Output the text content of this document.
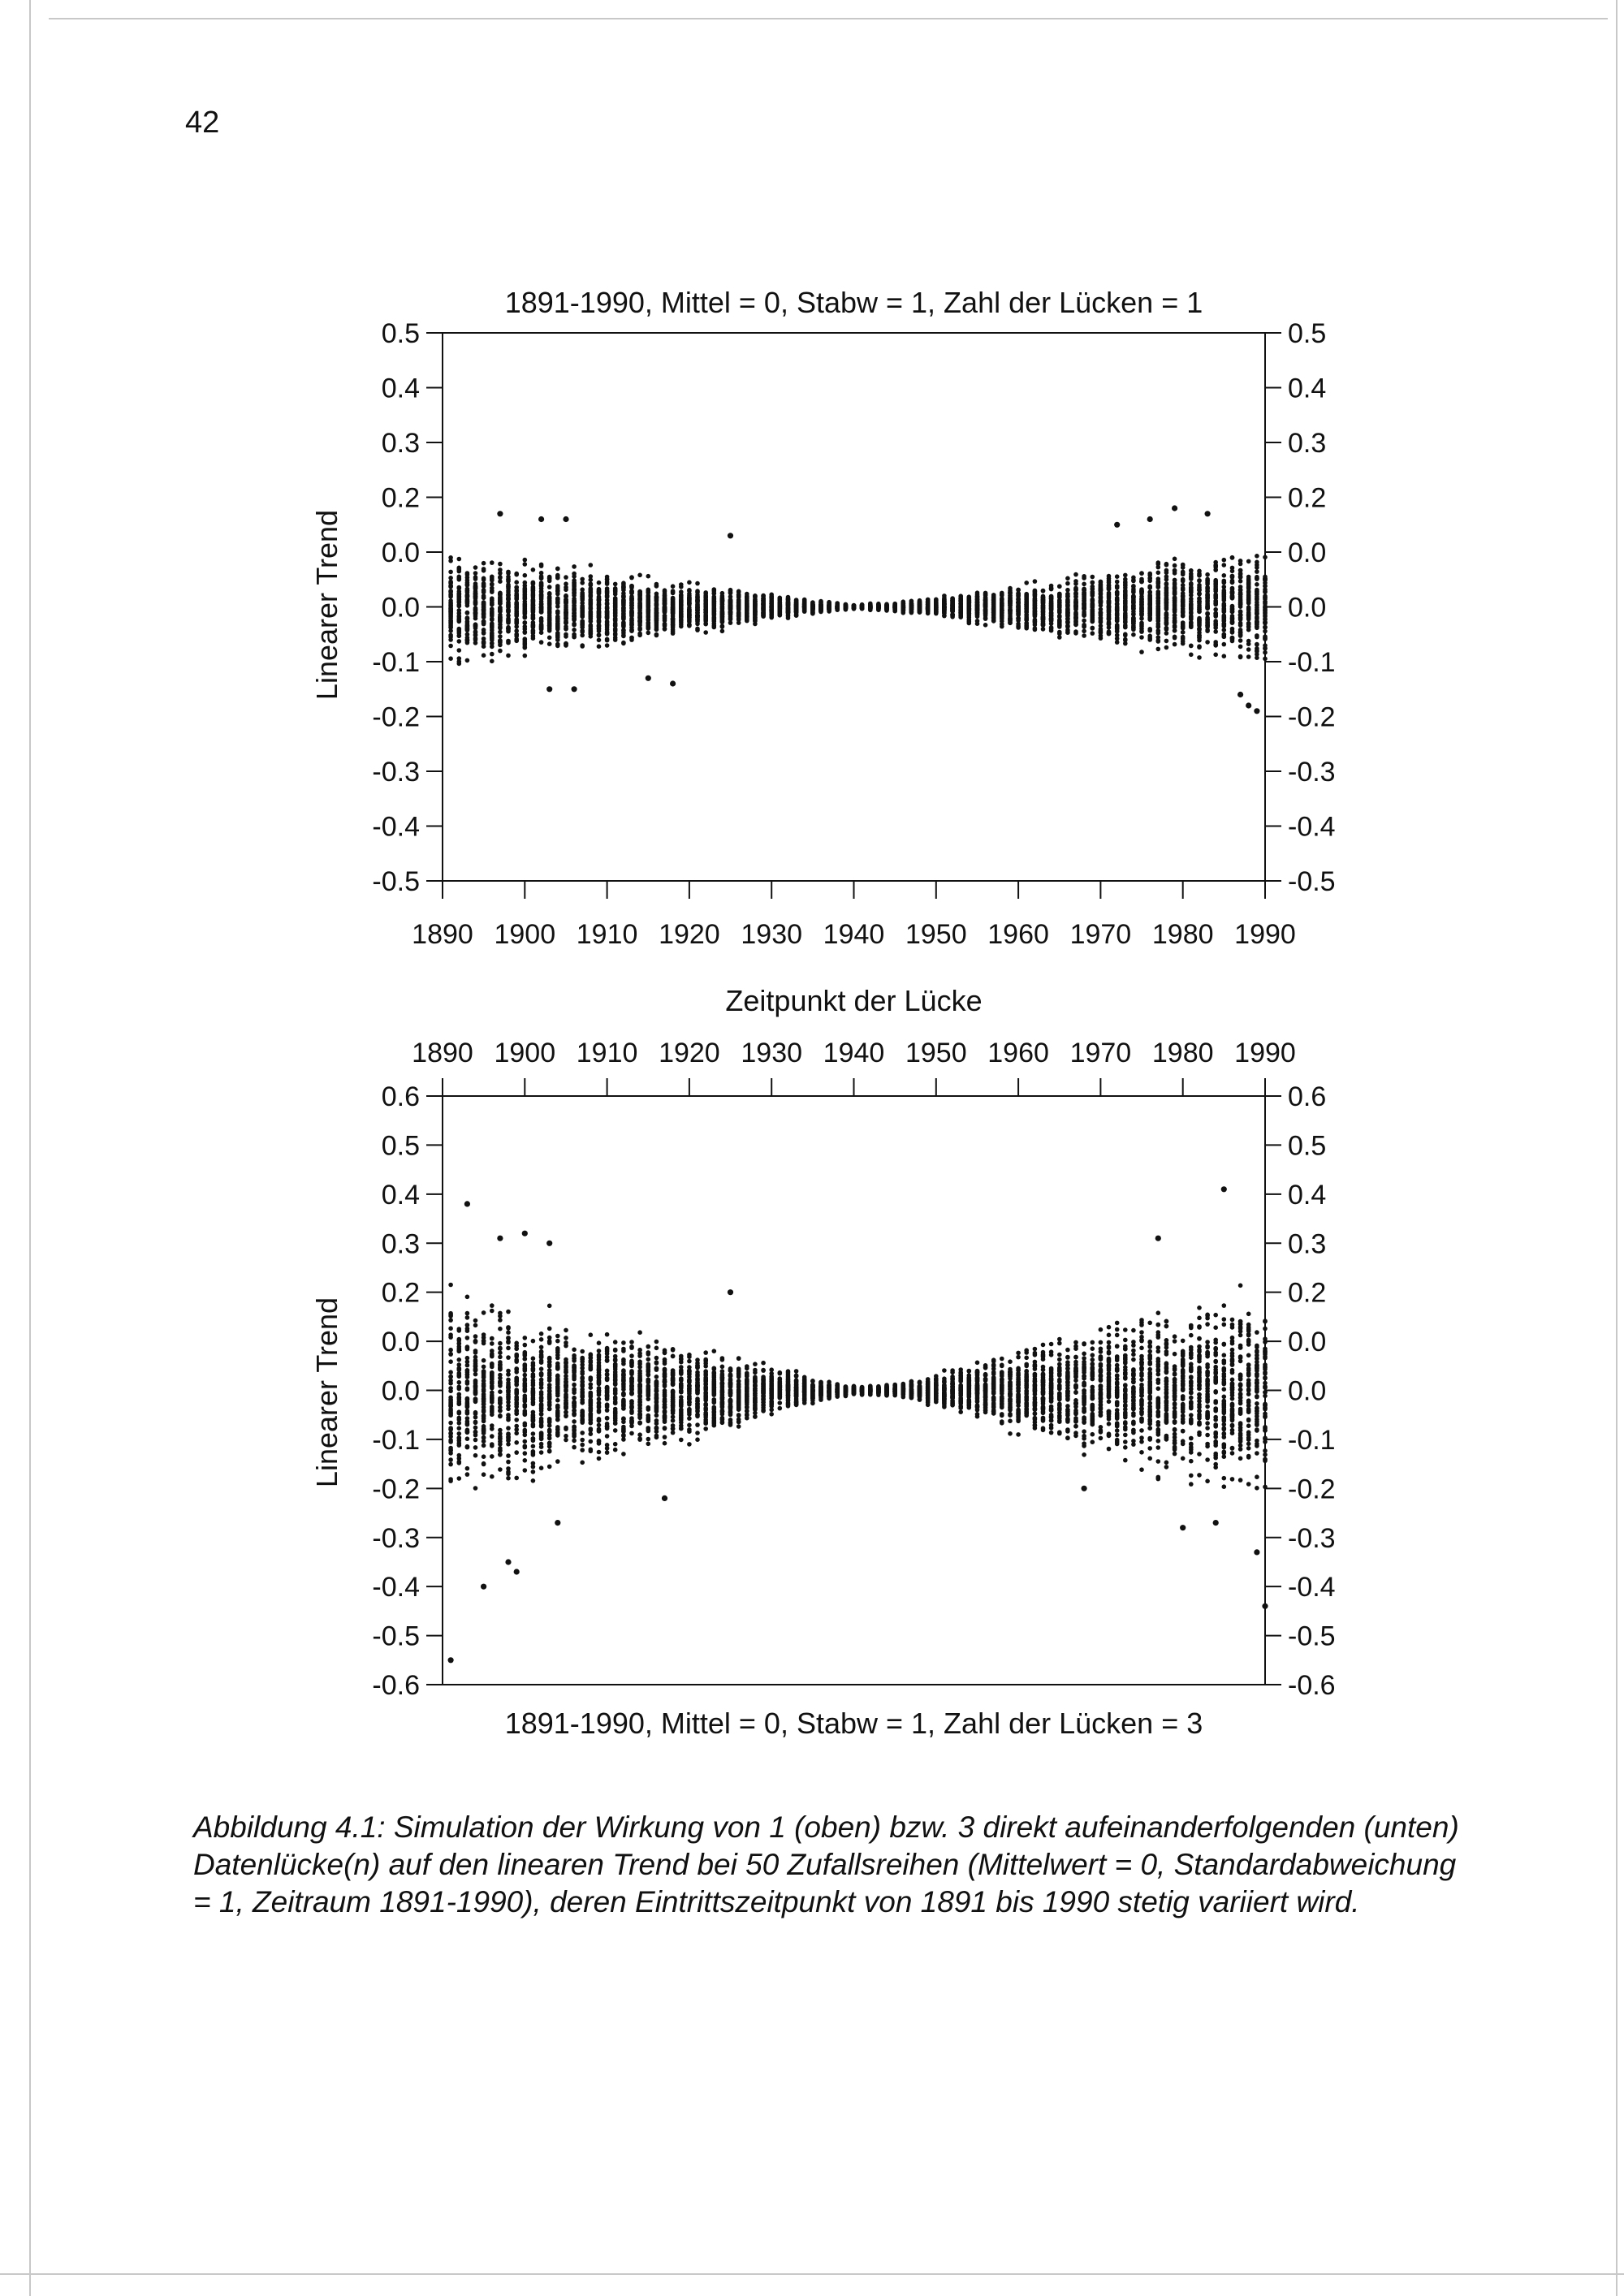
42
1891-1990, Mittel = 0, Stabw = 1, Zahl der Lücken = 1
Linearer Trend
Zeitpunkt der Lücke
0.5	0.5
0.4	0.4
0.3	0.3
0.2	0.2
0.0	0.0
0.0	0.0
-0.1	-0.1
-0.2	-0.2
-0.3	-0.3
-0.4	-0.4
-0.5	-0.5
1890 1900 1910 1920 1930 1940 1950 1960 1970 1980 1990
1891-1990, Mittel = 0, Stabw = 1, Zahl der Lücken = 3
Linearer Trend
0.6	0.6
0.5	0.5
0.4	0.4
0.3	0.3
0.2	0.2
0.0	0.0
0.0	0.0
-0.1	-0.1
-0.2	-0.2
-0.3	-0.3
-0.4	-0.4
-0.5	-0.5
-0.6	-0.6
1890 1900 1910 1920 1930 1940 1950 1960 1970 1980 1990
Abbildung 4.1: Simulation der Wirkung von 1 (oben) bzw. 3 direkt aufeinanderfolgenden (unten) Datenlücke(n) auf den linearen Trend bei 50 Zufallsreihen (Mittelwert = 0, Standardabweichung = 1, Zeitraum 1891-1990), deren Eintrittszeitpunkt von 1891 bis 1990 stetig variiert wird.
